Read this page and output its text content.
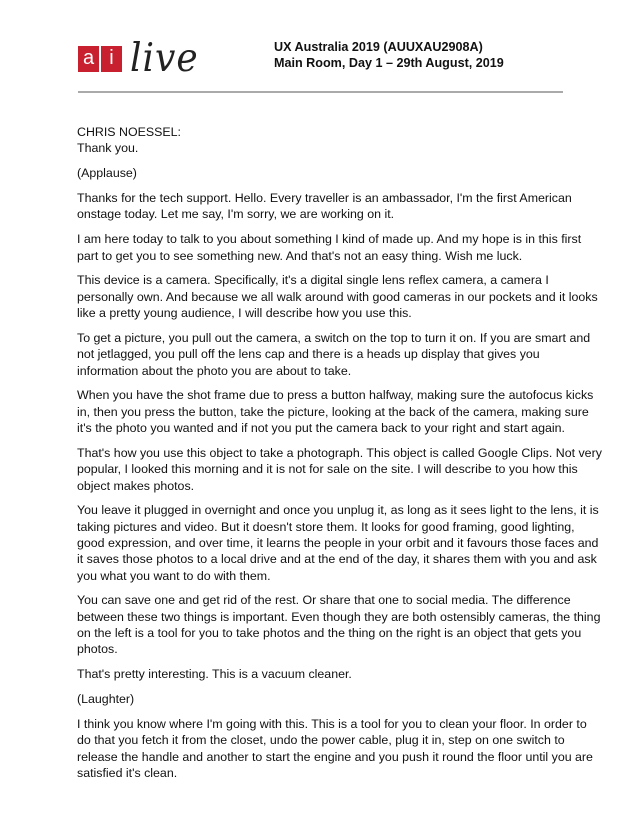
a i live	UX Australia 2019 (AUUXAU2908A)
Main Room, Day 1 – 29th August, 2019

CHRIS NOESSEL:
Thank you.

(Applause)

Thanks for the tech support. Hello. Every traveller is an ambassador, I'm the first American
onstage today. Let me say, I'm sorry, we are working on it.

I am here today to talk to you about something I kind of made up. And my hope is in this first
part to get you to see something new. And that's not an easy thing. Wish me luck.

This device is a camera. Specifically, it's a digital single lens reflex camera, a camera I
personally own. And because we all walk around with good cameras in our pockets and it looks
like a pretty young audience, I will describe how you use this.

To get a picture, you pull out the camera, a switch on the top to turn it on. If you are smart and
not jetlagged, you pull off the lens cap and there is a heads up display that gives you
information about the photo you are about to take.

When you have the shot frame due to press a button halfway, making sure the autofocus kicks
in, then you press the button, take the picture, looking at the back of the camera, making sure
it's the photo you wanted and if not you put the camera back to your right and start again.

That's how you use this object to take a photograph. This object is called Google Clips. Not very
popular, I looked this morning and it is not for sale on the site. I will describe to you how this
object makes photos.

You leave it plugged in overnight and once you unplug it, as long as it sees light to the lens, it is
taking pictures and video. But it doesn't store them. It looks for good framing, good lighting,
good expression, and over time, it learns the people in your orbit and it favours those faces and
it saves those photos to a local drive and at the end of the day, it shares them with you and ask
you what you want to do with them.

You can save one and get rid of the rest. Or share that one to social media. The difference
between these two things is important. Even though they are both ostensibly cameras, the thing
on the left is a tool for you to take photos and the thing on the right is an object that gets you
photos.

That's pretty interesting. This is a vacuum cleaner.

(Laughter)

I think you know where I'm going with this. This is a tool for you to clean your floor. In order to
do that you fetch it from the closet, undo the power cable, plug it in, step on one switch to
release the handle and another to start the engine and you push it round the floor until you are
satisfied it's clean.
